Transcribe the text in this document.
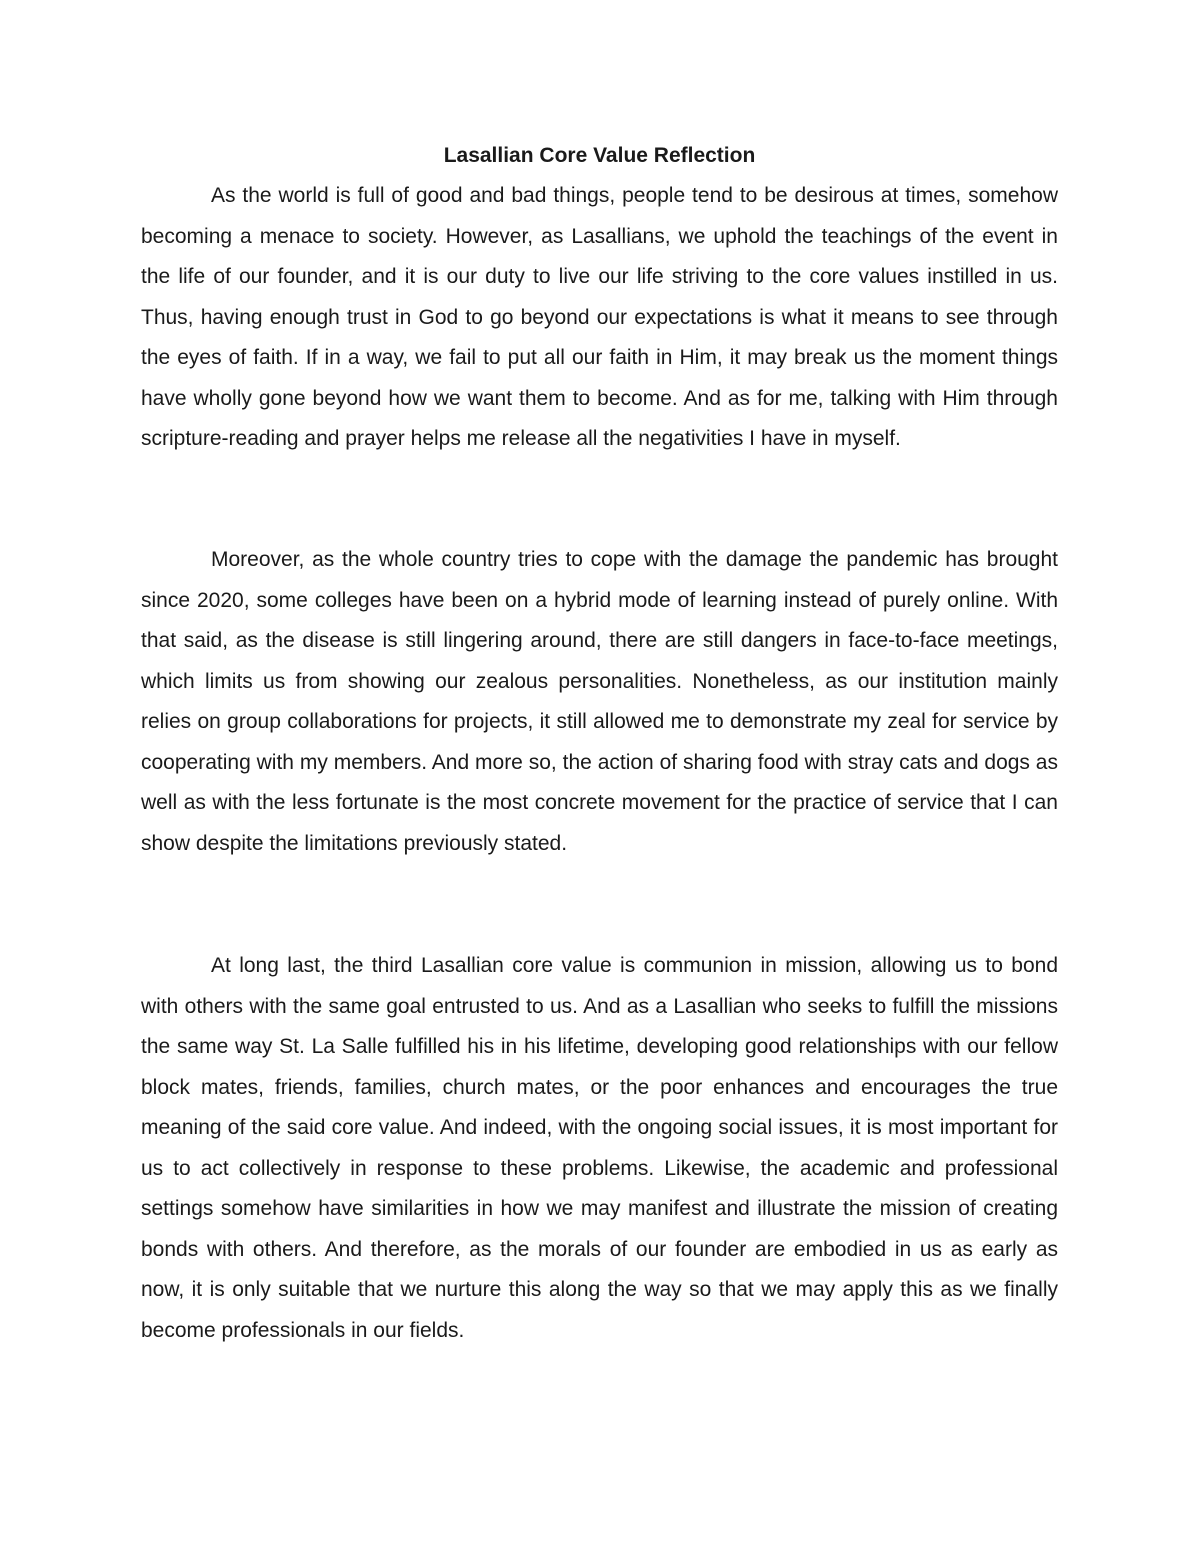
Lasallian Core Value Reflection

As the world is full of good and bad things, people tend to be desirous at times, somehow becoming a menace to society. However, as Lasallians, we uphold the teachings of the event in the life of our founder, and it is our duty to live our life striving to the core values instilled in us. Thus, having enough trust in God to go beyond our expectations is what it means to see through the eyes of faith. If in a way, we fail to put all our faith in Him, it may break us the moment things have wholly gone beyond how we want them to become. And as for me, talking with Him through scripture-reading and prayer helps me release all the negativities I have in myself.

Moreover, as the whole country tries to cope with the damage the pandemic has brought since 2020, some colleges have been on a hybrid mode of learning instead of purely online. With that said, as the disease is still lingering around, there are still dangers in face-to-face meetings, which limits us from showing our zealous personalities. Nonetheless, as our institution mainly relies on group collaborations for projects, it still allowed me to demonstrate my zeal for service by cooperating with my members. And more so, the action of sharing food with stray cats and dogs as well as with the less fortunate is the most concrete movement for the practice of service that I can show despite the limitations previously stated.

At long last, the third Lasallian core value is communion in mission, allowing us to bond with others with the same goal entrusted to us. And as a Lasallian who seeks to fulfill the missions the same way St. La Salle fulfilled his in his lifetime, developing good relationships with our fellow block mates, friends, families, church mates, or the poor enhances and encourages the true meaning of the said core value. And indeed, with the ongoing social issues, it is most important for us to act collectively in response to these problems. Likewise, the academic and professional settings somehow have similarities in how we may manifest and illustrate the mission of creating bonds with others. And therefore, as the morals of our founder are embodied in us as early as now, it is only suitable that we nurture this along the way so that we may apply this as we finally become professionals in our fields.
